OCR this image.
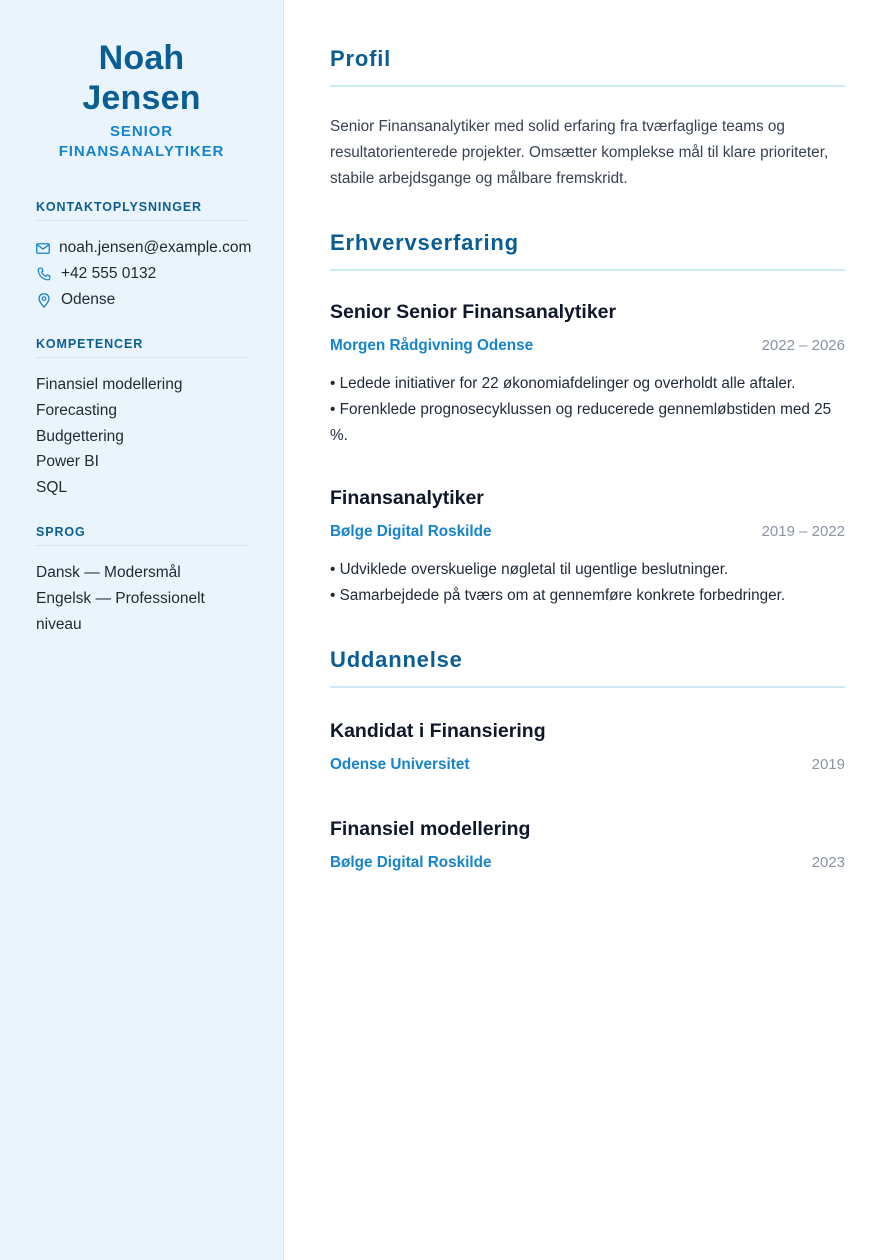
Noah Jensen
SENIOR FINANSANALYTIKER
KONTAKTOPLYSNINGER
noah.jensen@example.com
+42 555 0132
Odense
KOMPETENCER
Finansiel modellering
Forecasting
Budgettering
Power BI
SQL
SPROG
Dansk — Modersmål
Engelsk — Professionelt niveau
Profil
Senior Finansanalytiker med solid erfaring fra tværfaglige teams og resultatorienterede projekter. Omsætter komplekse mål til klare prioriteter, stabile arbejdsgange og målbare fremskridt.
Erhvervserfaring
Senior Senior Finansanalytiker
Morgen Rådgivning Odense	2022 – 2026
• Ledede initiativer for 22 økonomiafdelinger og overholdt alle aftaler.
• Forenklede prognosecyklussen og reducerede gennemløbstiden med 25 %.
Finansanalytiker
Bølge Digital Roskilde	2019 – 2022
• Udviklede overskuelige nøgletal til ugentlige beslutninger.
• Samarbejdede på tværs om at gennemføre konkrete forbedringer.
Uddannelse
Kandidat i Finansiering
Odense Universitet	2019
Finansiel modellering
Bølge Digital Roskilde	2023
